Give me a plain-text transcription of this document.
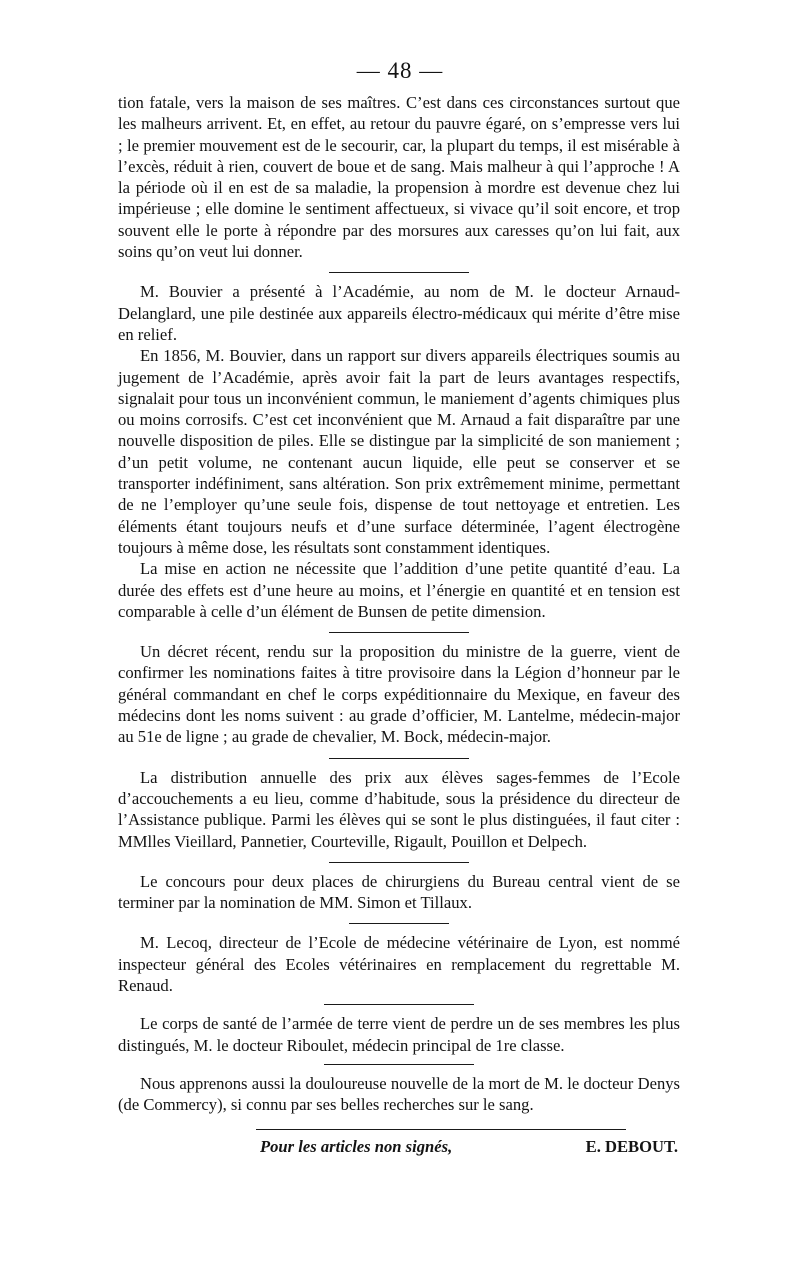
— 48 —

tion fatale, vers la maison de ses maîtres. C’est dans ces circonstances surtout que les malheurs arrivent. Et, en effet, au retour du pauvre égaré, on s’empresse vers lui ; le premier mouvement est de le secourir, car, la plupart du temps, il est misérable à l’excès, réduit à rien, couvert de boue et de sang. Mais malheur à qui l’approche ! A la période où il en est de sa maladie, la propension à mordre est devenue chez lui impérieuse ; elle domine le sentiment affectueux, si vivace qu’il soit encore, et trop souvent elle le porte à répondre par des morsures aux caresses qu’on lui fait, aux soins qu’on veut lui donner.

M. Bouvier a présenté à l’Académie, au nom de M. le docteur Arnaud-Delanglard, une pile destinée aux appareils électro-médicaux qui mérite d’être mise en relief.

En 1856, M. Bouvier, dans un rapport sur divers appareils électriques soumis au jugement de l’Académie, après avoir fait la part de leurs avantages respectifs, signalait pour tous un inconvénient commun, le maniement d’agents chimiques plus ou moins corrosifs. C’est cet inconvénient que M. Arnaud a fait disparaître par une nouvelle disposition de piles. Elle se distingue par la simplicité de son maniement ; d’un petit volume, ne contenant aucun liquide, elle peut se conserver et se transporter indéfiniment, sans altération. Son prix extrêmement minime, permettant de ne l’employer qu’une seule fois, dispense de tout nettoyage et entretien. Les éléments étant toujours neufs et d’une surface déterminée, l’agent électrogène toujours à même dose, les résultats sont constamment identiques.

La mise en action ne nécessite que l’addition d’une petite quantité d’eau. La durée des effets est d’une heure au moins, et l’énergie en quantité et en tension est comparable à celle d’un élément de Bunsen de petite dimension.

Un décret récent, rendu sur la proposition du ministre de la guerre, vient de confirmer les nominations faites à titre provisoire dans la Légion d’honneur par le général commandant en chef le corps expéditionnaire du Mexique, en faveur des médecins dont les noms suivent : au grade d’officier, M. Lantelme, médecin-major au 51e de ligne ; au grade de chevalier, M. Bock, médecin-major.

La distribution annuelle des prix aux élèves sages-femmes de l’Ecole d’accouchements a eu lieu, comme d’habitude, sous la présidence du directeur de l’Assistance publique. Parmi les élèves qui se sont le plus distinguées, il faut citer : MMlles Vieillard, Pannetier, Courteville, Rigault, Pouillon et Delpech.

Le concours pour deux places de chirurgiens du Bureau central vient de se terminer par la nomination de MM. Simon et Tillaux.

M. Lecoq, directeur de l’Ecole de médecine vétérinaire de Lyon, est nommé inspecteur général des Ecoles vétérinaires en remplacement du regrettable M. Renaud.

Le corps de santé de l’armée de terre vient de perdre un de ses membres les plus distingués, M. le docteur Riboulet, médecin principal de 1re classe.

Nous apprenons aussi la douloureuse nouvelle de la mort de M. le docteur Denys (de Commercy), si connu par ses belles recherches sur le sang.

Pour les articles non signés,	E. DEBOUT.
